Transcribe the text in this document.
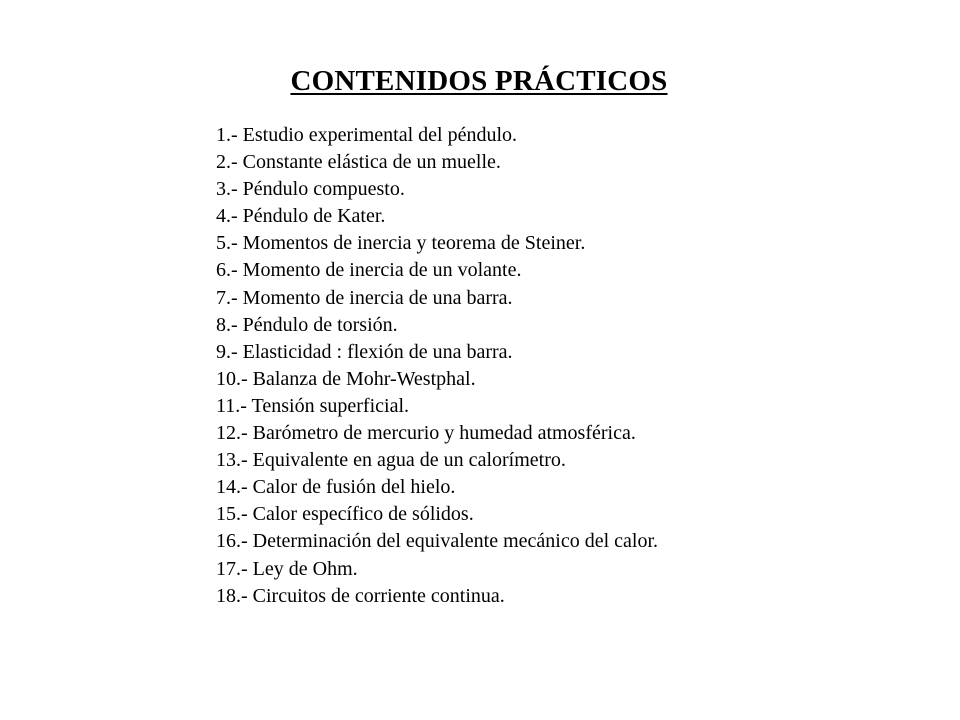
CONTENIDOS PRÁCTICOS
1.- Estudio experimental del péndulo.
2.- Constante elástica de un muelle.
3.- Péndulo compuesto.
4.- Péndulo de Kater.
5.- Momentos de inercia y teorema de Steiner.
6.- Momento de inercia de un volante.
7.- Momento de inercia de una barra.
8.- Péndulo de torsión.
9.- Elasticidad : flexión de una barra.
10.- Balanza de Mohr-Westphal.
11.- Tensión superficial.
12.- Barómetro de mercurio y humedad atmosférica.
13.- Equivalente en agua de un calorímetro.
14.- Calor de fusión del hielo.
15.- Calor específico de sólidos.
16.- Determinación del equivalente mecánico del calor.
17.- Ley de Ohm.
18.- Circuitos de corriente continua.
